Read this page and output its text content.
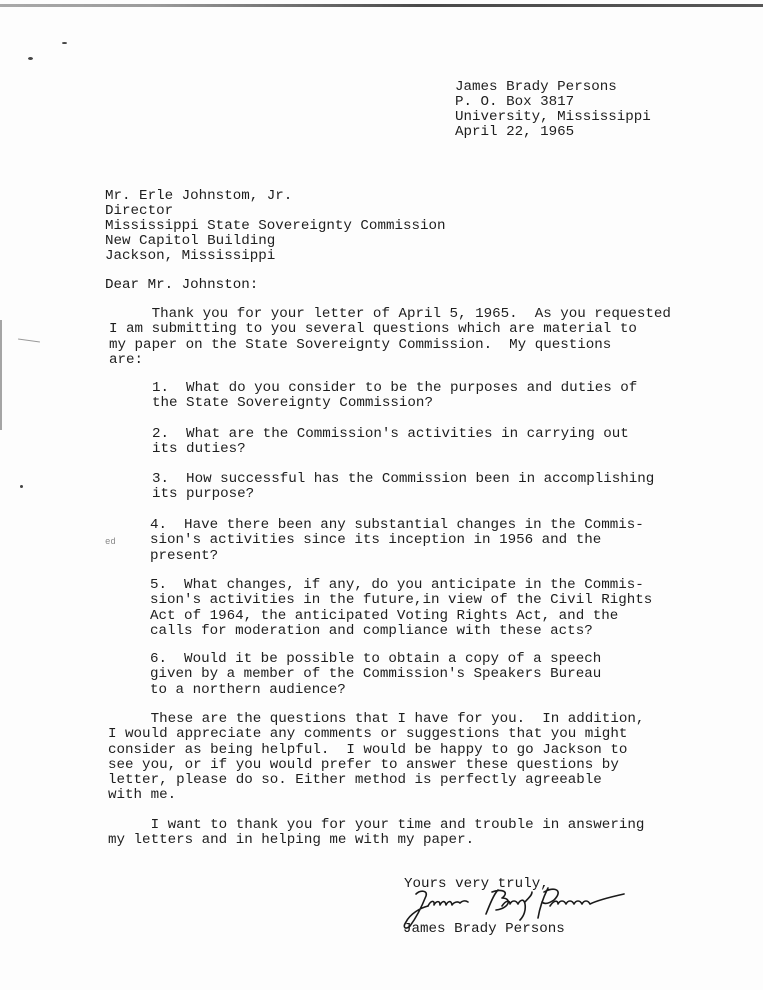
James Brady Persons
P. O. Box 3817
University, Mississippi
April 22, 1965
Mr. Erle Johnstom, Jr.
Director
Mississippi State Sovereignty Commission
New Capitol Building
Jackson, Mississippi
Dear Mr. Johnston:
Thank you for your letter of April 5, 1965.  As you requested
I am submitting to you several questions which are material to
my paper on the State Sovereignty Commission.  My questions
are:
1.  What do you consider to be the purposes and duties of
the State Sovereignty Commission?
2.  What are the Commission's activities in carrying out
its duties?
3.  How successful has the Commission been in accomplishing
its purpose?
ed
4.  Have there been any substantial changes in the Commis-
sion's activities since its inception in 1956 and the
present?
5.  What changes, if any, do you anticipate in the Commis-
sion's activities in the future,in view of the Civil Rights
Act of 1964, the anticipated Voting Rights Act, and the
calls for moderation and compliance with these acts?
6.  Would it be possible to obtain a copy of a speech
given by a member of the Commission's Speakers Bureau
to a northern audience?
These are the questions that I have for you.  In addition,
I would appreciate any comments or suggestions that you might
consider as being helpful.  I would be happy to go Jackson to
see you, or if you would prefer to answer these questions by
letter, please do so. Either method is perfectly agreeable
with me.
I want to thank you for your time and trouble in answering
my letters and in helping me with my paper.
Yours very truly,
James Brady Persons
